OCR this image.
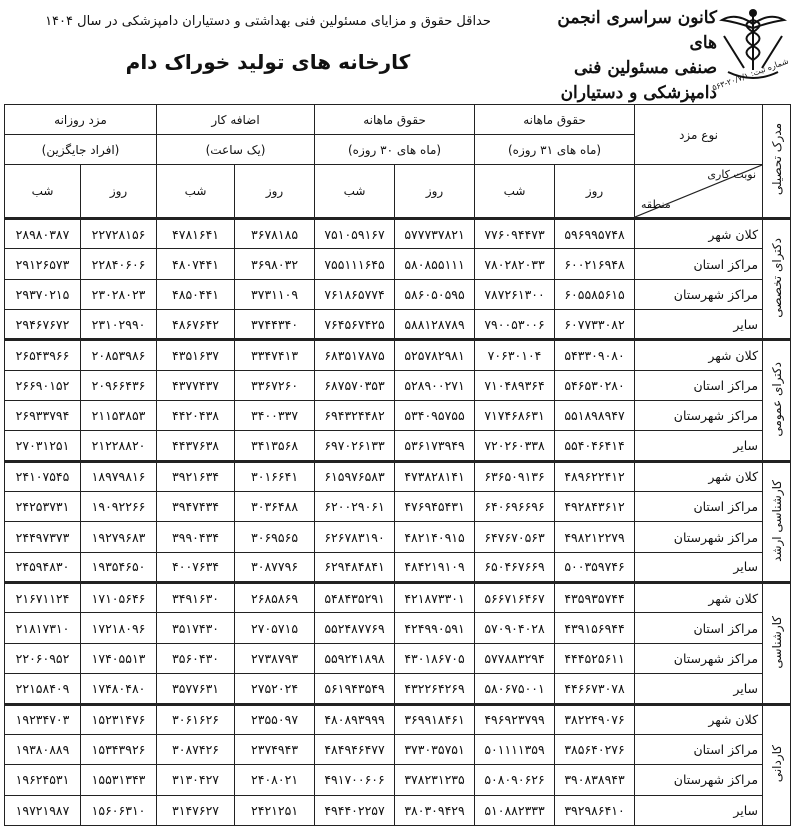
شماره ثبت: ۲۰/۷/۱-۵۶۳
کانون سراسری انجمن های
صنفی مسئولین فنی
دامپزشکی و دستیاران
حداقل حقوق و مزایای مسئولین فنی بهداشتی و دستیاران دامپزشکی در سال ۱۴۰۴
کارخانه های تولید خوراک دام
مدرک تحصیلی	نوع مزد	حقوق ماهانه		حقوق ماهانه		اضافه کار		مزد روزانه	
		(ماه های ۳۱ روزه)		(ماه های ۳۰ روزه)		(یک ساعت)		(افراد جایگزین)	

	نوبت کاری
منطقه	روز	شب	روز	شب	روز	شب	روز	شب
دکترای تخصصی	کلان شهر	۵۹۶۹۹۵۷۴۸	۷۷۶۰۹۴۴۷۳	۵۷۷۷۳۷۸۲۱	۷۵۱۰۵۹۱۶۷	۳۶۷۸۱۸۵	۴۷۸۱۶۴۱	۲۲۷۲۸۱۵۶	۲۸۹۸۰۳۸۷
	مراکز استان	۶۰۰۲۱۶۹۴۸	۷۸۰۲۸۲۰۳۳	۵۸۰۸۵۵۱۱۱	۷۵۵۱۱۱۶۴۵	۳۶۹۸۰۳۲	۴۸۰۷۴۴۱	۲۲۸۴۰۶۰۶	۲۹۱۲۶۵۷۳
	مراکز شهرستان	۶۰۵۵۸۵۶۱۵	۷۸۷۲۶۱۳۰۰	۵۸۶۰۵۰۵۹۵	۷۶۱۸۶۵۷۷۴	۳۷۳۱۱۰۹	۴۸۵۰۴۴۱	۲۳۰۲۸۰۲۳	۲۹۳۷۰۲۱۵
	سایر	۶۰۷۷۳۳۰۸۲	۷۹۰۰۵۳۰۰۶	۵۸۸۱۲۸۷۸۹	۷۶۴۵۶۷۴۲۵	۳۷۴۴۳۴۰	۴۸۶۷۶۴۲	۲۳۱۰۲۹۹۰	۲۹۴۶۷۶۷۲
دکترای عمومی	کلان شهر	۵۴۳۳۰۹۰۸۰	۷۰۶۳۰۱۰۴	۵۲۵۷۸۲۹۸۱	۶۸۳۵۱۷۸۷۵	۳۳۴۷۴۱۳	۴۳۵۱۶۳۷	۲۰۸۵۳۹۸۶	۲۶۵۴۳۹۶۶
	مراکز استان	۵۴۶۵۳۰۲۸۰	۷۱۰۴۸۹۳۶۴	۵۲۸۹۰۰۲۷۱	۶۸۷۵۷۰۳۵۳	۳۳۶۷۲۶۰	۴۳۷۷۴۳۷	۲۰۹۶۶۴۳۶	۲۶۶۹۰۱۵۲
	مراکز شهرستان	۵۵۱۸۹۸۹۴۷	۷۱۷۴۶۸۶۳۱	۵۳۴۰۹۵۷۵۵	۶۹۴۳۲۴۴۸۲	۳۴۰۰۳۳۷	۴۴۲۰۴۳۸	۲۱۱۵۳۸۵۳	۲۶۹۳۳۷۹۴
	سایر	۵۵۴۰۴۶۴۱۴	۷۲۰۲۶۰۳۳۸	۵۳۶۱۷۳۹۴۹	۶۹۷۰۲۶۱۳۳	۳۴۱۳۵۶۸	۴۴۳۷۶۳۸	۲۱۲۲۸۸۲۰	۲۷۰۳۱۲۵۱
کارشناسی ارشد	کلان شهر	۴۸۹۶۲۲۴۱۲	۶۳۶۵۰۹۱۳۶	۴۷۳۸۲۸۱۴۱	۶۱۵۹۷۶۵۸۳	۳۰۱۶۶۴۱	۳۹۲۱۶۳۴	۱۸۹۷۹۸۱۶	۲۴۱۰۷۵۴۵
	مراکز استان	۴۹۲۸۴۳۶۱۲	۶۴۰۶۹۶۶۹۶	۴۷۶۹۴۵۴۳۱	۶۲۰۰۲۹۰۶۱	۳۰۳۶۴۸۸	۳۹۴۷۴۳۴	۱۹۰۹۲۲۶۶	۲۴۲۵۳۷۳۱
	مراکز شهرستان	۴۹۸۲۱۲۲۷۹	۶۴۷۶۷۰۵۶۳	۴۸۲۱۴۰۹۱۵	۶۲۶۷۸۳۱۹۰	۳۰۶۹۵۶۵	۳۹۹۰۴۳۴	۱۹۲۷۹۶۸۳	۲۴۴۹۷۳۷۳
	سایر	۵۰۰۳۵۹۷۴۶	۶۵۰۴۶۷۶۶۹	۴۸۴۲۱۹۱۰۹	۶۲۹۴۸۴۸۴۱	۳۰۸۷۷۹۶	۴۰۰۷۶۳۴	۱۹۳۵۴۶۵۰	۲۴۵۹۴۸۳۰
کارشناسی	کلان شهر	۴۳۵۹۳۵۷۴۴	۵۶۶۷۱۶۴۶۷	۴۲۱۸۷۳۳۰۱	۵۴۸۴۳۵۲۹۱	۲۶۸۵۸۶۹	۳۴۹۱۶۳۰	۱۷۱۰۵۶۴۶	۲۱۶۷۱۱۲۴
	مراکز استان	۴۳۹۱۵۶۹۴۴	۵۷۰۹۰۴۰۲۸	۴۲۴۹۹۰۵۹۱	۵۵۲۴۸۷۷۶۹	۲۷۰۵۷۱۵	۳۵۱۷۴۳۰	۱۷۲۱۸۰۹۶	۲۱۸۱۷۳۱۰
	مراکز شهرستان	۴۴۴۵۲۵۶۱۱	۵۷۷۸۸۳۲۹۴	۴۳۰۱۸۶۷۰۵	۵۵۹۲۴۱۸۹۸	۲۷۳۸۷۹۳	۳۵۶۰۴۳۰	۱۷۴۰۵۵۱۳	۲۲۰۶۰۹۵۲
	سایر	۴۴۶۶۷۳۰۷۸	۵۸۰۶۷۵۰۰۱	۴۳۲۲۶۴۲۶۹	۵۶۱۹۴۳۵۴۹	۲۷۵۲۰۲۴	۳۵۷۷۶۳۱	۱۷۴۸۰۴۸۰	۲۲۱۵۸۴۰۹
کاردانی	کلان شهر	۳۸۲۲۴۹۰۷۶	۴۹۶۹۲۳۷۹۹	۳۶۹۹۱۸۴۶۱	۴۸۰۸۹۳۹۹۹	۲۳۵۵۰۹۷	۳۰۶۱۶۲۶	۱۵۲۳۱۴۷۶	۱۹۲۳۴۷۰۳
	مراکز استان	۳۸۵۶۴۰۲۷۶	۵۰۱۱۱۱۳۵۹	۳۷۳۰۳۵۷۵۱	۴۸۴۹۴۶۴۷۷	۲۳۷۴۹۴۳	۳۰۸۷۴۲۶	۱۵۳۴۳۹۲۶	۱۹۳۸۰۸۸۹
	مراکز شهرستان	۳۹۰۸۳۸۹۴۳	۵۰۸۰۹۰۶۲۶	۳۷۸۲۳۱۲۳۵	۴۹۱۷۰۰۶۰۶	۲۴۰۸۰۲۱	۳۱۳۰۴۲۷	۱۵۵۳۱۳۴۳	۱۹۶۲۴۵۳۱
	سایر	۳۹۲۹۸۶۴۱۰	۵۱۰۸۸۲۳۳۳	۳۸۰۳۰۹۴۲۹	۴۹۴۴۰۲۲۵۷	۲۴۲۱۲۵۱	۳۱۴۷۶۲۷	۱۵۶۰۶۳۱۰	۱۹۷۲۱۹۸۷
